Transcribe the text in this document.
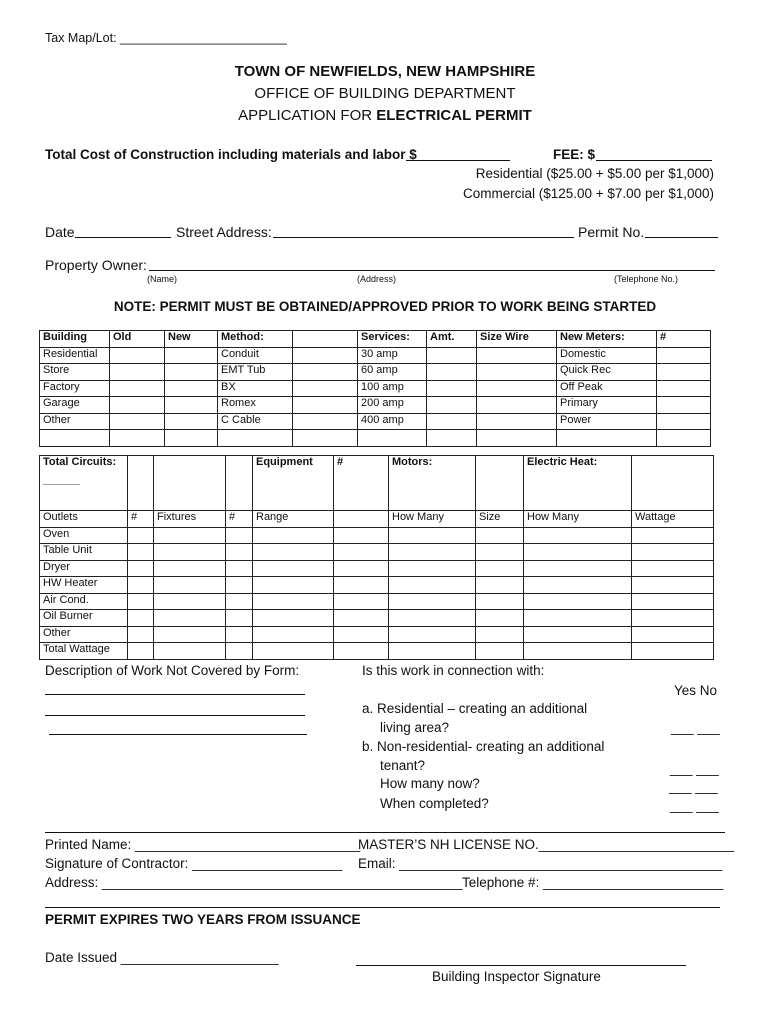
Tax Map/Lot: ________________________
TOWN OF NEWFIELDS, NEW HAMPSHIRE
OFFICE OF BUILDING DEPARTMENT
APPLICATION FOR ELECTRICAL PERMIT
Total Cost of Construction including materials and labor $	FEE: $
Residential ($25.00 + $5.00 per $1,000)
Commercial ($125.00 + $7.00 per $1,000)
Date	Street Address:	Permit No.
Property Owner:
(Name)	(Address)	(Telephone No.)
NOTE: PERMIT MUST BE OBTAINED/APPROVED PRIOR TO WORK BEING STARTED
Building	Old	New	Method:		Services:	Amt.	Size Wire	New Meters:	#
Residential			Conduit		30 amp			Domestic	
Store			EMT Tub		60 amp			Quick Rec	
Factory			BX		100 amp			Off Peak	
Garage			Romex		200 amp			Primary	
Other			C Cable		400 amp			Power	

Total Circuits:
______				Equipment	#	Motors:		Electric Heat:	
Outlets	#	Fixtures	#	Range		How Many	Size	How Many	Wattage
Oven									
Table Unit									
Dryer									
HW Heater									
Air Cond.									
Oil Burner									
Other									
Total Wattage									
Description of Work Not Covered by Form:	Is this work in connection with:
Yes No
a. Residential – creating an additional
living area?	___ ___
b. Non-residential- creating an additional
tenant?	___ ___
How many now?	___ ___
When completed?	___ ___
Printed Name: ______________________________
MASTER’S NH LICENSE NO.__________________________
Signature of Contractor: ____________________ Email: ___________________________________________
Address: ________________________________________________ Telephone #: ________________________
PERMIT EXPIRES TWO YEARS FROM ISSUANCE
Date Issued _____________________
Building Inspector Signature
